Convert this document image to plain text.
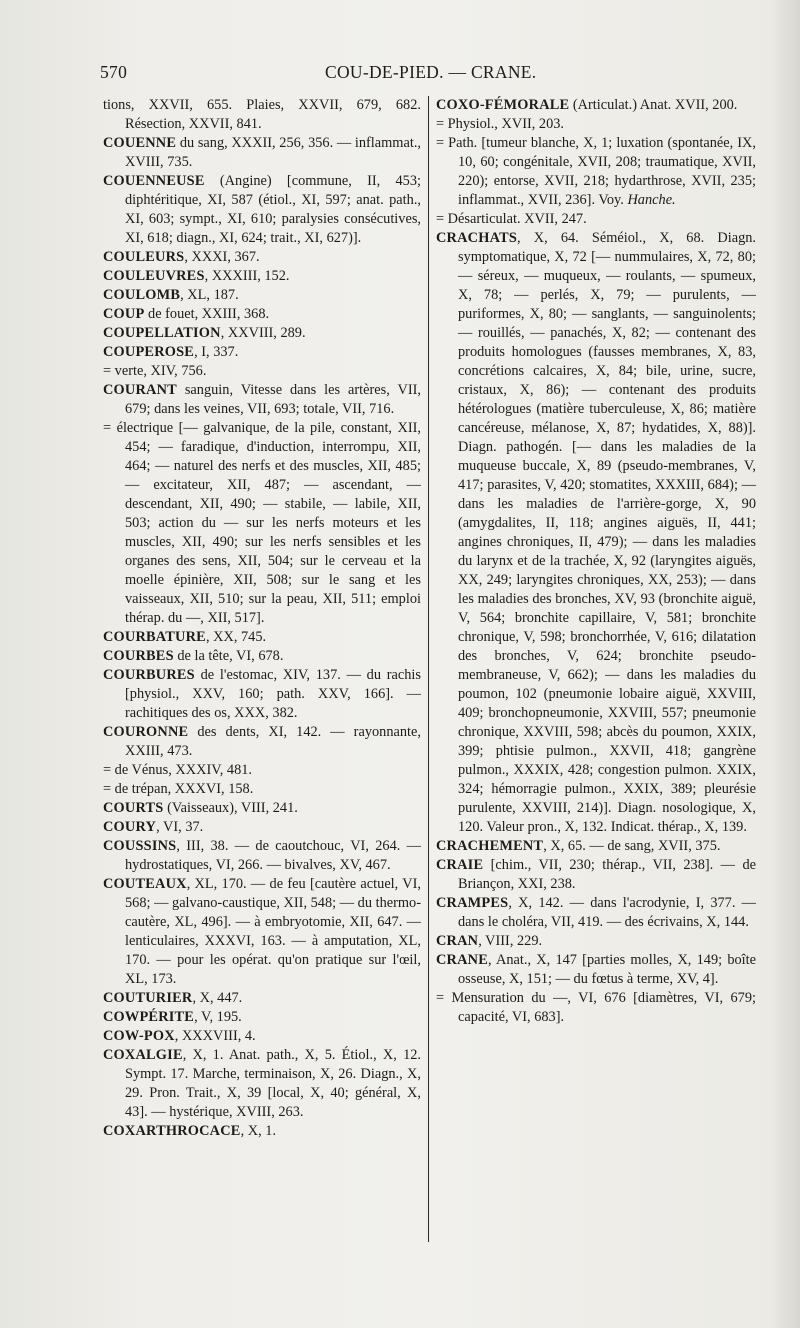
570	COU-DE-PIED. — CRANE.

tions, XXVII, 655. Plaies, XXVII, 679, 682. Résection, XXVII, 841.

COUENNE du sang, XXXII, 256, 356. — inflammat., XVIII, 735.

COUENNEUSE (Angine) [commune, II, 453; diphtéritique, XI, 587 (étiol., XI, 597; anat. path., XI, 603; sympt., XI, 610; paralysies consécutives, XI, 618; diagn., XI, 624; trait., XI, 627)].

COULEURS, XXXI, 367.

COULEUVRES, XXXIII, 152.

COULOMB, XL, 187.

COUP de fouet, XXIII, 368.

COUPELLATION, XXVIII, 289.

COUPEROSE, I, 337.

= verte, XIV, 756.

COURANT sanguin, Vitesse dans les artères, VII, 679; dans les veines, VII, 693; totale, VII, 716.

= électrique [— galvanique, de la pile, constant, XII, 454; — faradique, d'induction, interrompu, XII, 464; — naturel des nerfs et des muscles, XII, 485; — excitateur, XII, 487; — ascendant, — descendant, XII, 490; — stabile, — labile, XII, 503; action du — sur les nerfs moteurs et les muscles, XII, 490; sur les nerfs sensibles et les organes des sens, XII, 504; sur le cerveau et la moelle épinière, XII, 508; sur le sang et les vaisseaux, XII, 510; sur la peau, XII, 511; emploi thérap. du —, XII, 517].

COURBATURE, XX, 745.

COURBES de la tête, VI, 678.

COURBURES de l'estomac, XIV, 137. — du rachis [physiol., XXV, 160; path. XXV, 166]. — rachitiques des os, XXX, 382.

COURONNE des dents, XI, 142. — rayonnante, XXIII, 473.

= de Vénus, XXXIV, 481.

= de trépan, XXXVI, 158.

COURTS (Vaisseaux), VIII, 241.

COURY, VI, 37.

COUSSINS, III, 38. — de caoutchouc, VI, 264. — hydrostatiques, VI, 266. — bivalves, XV, 467.

COUTEAUX, XL, 170. — de feu [cautère actuel, VI, 568; — galvano-caustique, XII, 548; — du thermo-cautère, XL, 496]. — à embryotomie, XII, 647. — lenticulaires, XXXVI, 163. — à amputation, XL, 170. — pour les opérat. qu'on pratique sur l'œil, XL, 173.

COUTURIER, X, 447.

COWPÉRITE, V, 195.

COW-POX, XXXVIII, 4.

COXALGIE, X, 1. Anat. path., X, 5. Étiol., X, 12. Sympt. 17. Marche, terminaison, X, 26. Diagn., X, 29. Pron. Trait., X, 39 [local, X, 40; général, X, 43]. — hystérique, XVIII, 263.

COXARTHROCACE, X, 1.

COXO-FÉMORALE (Articulat.) Anat. XVII, 200.

= Physiol., XVII, 203.

= Path. [tumeur blanche, X, 1; luxation (spontanée, IX, 10, 60; congénitale, XVII, 208; traumatique, XVII, 220); entorse, XVII, 218; hydarthrose, XVII, 235; inflammat., XVII, 236]. Voy. Hanche.

= Désarticulat. XVII, 247.

CRACHATS, X, 64. Séméiol., X, 68. Diagn. symptomatique, X, 72 [— nummulaires, X, 72, 80; — séreux, — muqueux, — roulants, — spumeux, X, 78; — perlés, X, 79; — purulents, — puriformes, X, 80; — sanglants, — sanguinolents; — rouillés, — panachés, X, 82; — contenant des produits homologues (fausses membranes, X, 83, concrétions calcaires, X, 84; bile, urine, sucre, cristaux, X, 86); — contenant des produits hétérologues (matière tuberculeuse, X, 86; matière cancéreuse, mélanose, X, 87; hydatides, X, 88)]. Diagn. pathogén. [— dans les maladies de la muqueuse buccale, X, 89 (pseudo-membranes, V, 417; parasites, V, 420; stomatites, XXXIII, 684); — dans les maladies de l'arrière-gorge, X, 90 (amygdalites, II, 118; angines aiguës, II, 441; angines chroniques, II, 479); — dans les maladies du larynx et de la trachée, X, 92 (laryngites aiguës, XX, 249; laryngites chroniques, XX, 253); — dans les maladies des bronches, XV, 93 (bronchite aiguë, V, 564; bronchite capillaire, V, 581; bronchite chronique, V, 598; bronchorrhée, V, 616; dilatation des bronches, V, 624; bronchite pseudo-membraneuse, V, 662); — dans les maladies du poumon, 102 (pneumonie lobaire aiguë, XXVIII, 409; bronchopneumonie, XXVIII, 557; pneumonie chronique, XXVIII, 598; abcès du poumon, XXIX, 399; phtisie pulmon., XXVII, 418; gangrène pulmon., XXXIX, 428; congestion pulmon. XXIX, 324; hémorragie pulmon., XXIX, 389; pleurésie purulente, XXVIII, 214)]. Diagn. nosologique, X, 120. Valeur pron., X, 132. Indicat. thérap., X, 139.

CRACHEMENT, X, 65. — de sang, XVII, 375.

CRAIE [chim., VII, 230; thérap., VII, 238]. — de Briançon, XXI, 238.

CRAMPES, X, 142. — dans l'acrodynie, I, 377. — dans le choléra, VII, 419. — des écrivains, X, 144.

CRAN, VIII, 229.

CRANE, Anat., X, 147 [parties molles, X, 149; boîte osseuse, X, 151; — du fœtus à terme, XV, 4].

= Mensuration du —, VI, 676 [diamètres, VI, 679; capacité, VI, 683].
